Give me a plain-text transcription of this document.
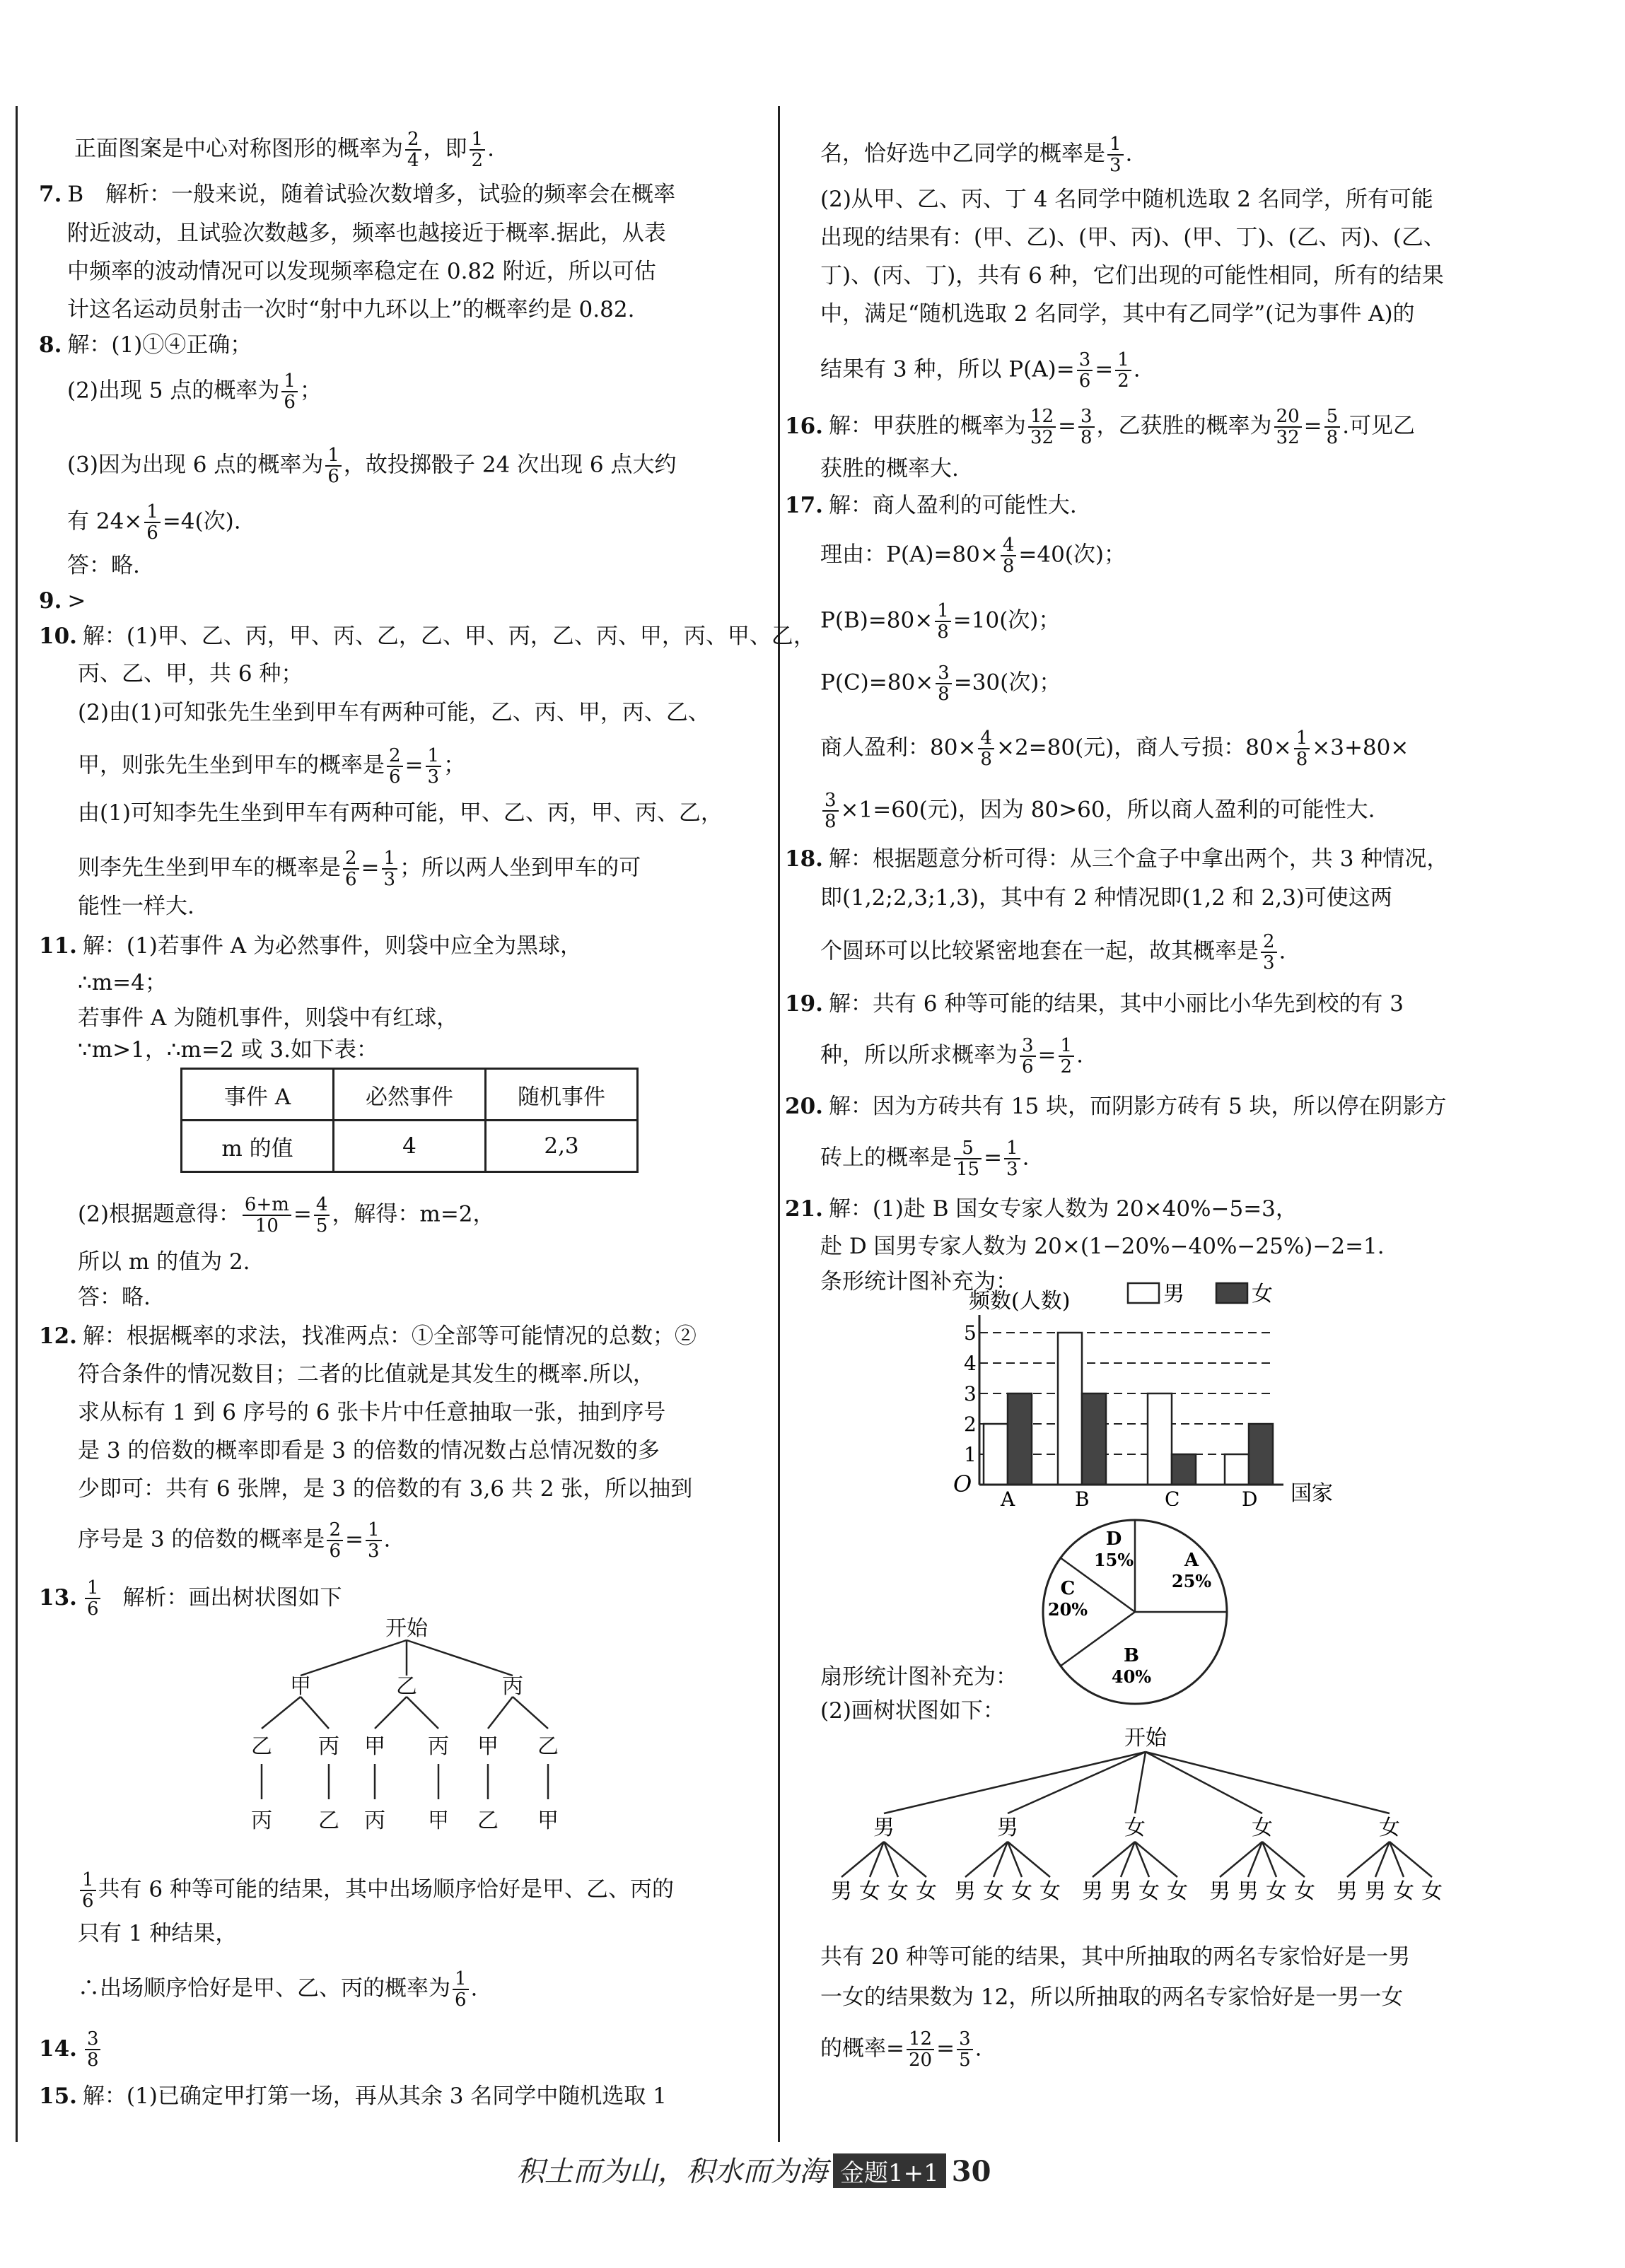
正面图案是中心对称图形的概率为 $\frac{2}{4}$ ，即 $\frac{1}{2}$ .
7. B　解析：一般来说，随着试验次数增多，试验的频率会在概率
附近波动，且试验次数越多，频率也越接近于概率.据此，从表
中频率的波动情况可以发现频率稳定在 0.82 附近，所以可估
计这名运动员射击一次时“射中九环以上”的概率约是 0.82.
8. 解：(1)①④正确；
(2)出现 5 点的概率为 $\frac{1}{6}$ ；
(3)因为出现 6 点的概率为 $\frac{1}{6}$ ，故投掷骰子 24 次出现 6 点大约
有 $24\times \frac{1}{6} =4$(次).
答：略.
9. >
10. 解：(1)甲、乙、丙，甲、丙、乙，乙、甲、丙，乙、丙、甲，丙、甲、乙，
丙、乙、甲，共 6 种；
(2)由(1)可知张先生坐到甲车有两种可能，乙、丙、甲，丙、乙、
甲，则张先生坐到甲车的概率是 $\frac{2}{6} = \frac{1}{3}$ ；
由(1)可知李先生坐到甲车有两种可能，甲、乙、丙，甲、丙、乙，
则李先生坐到甲车的概率是 $\frac{2}{6} = \frac{1}{3}$ ；所以两人坐到甲车的可
能性一样大.
11. 解：(1)若事件 A 为必然事件，则袋中应全为黑球，
∴m=4；
若事件 A 为随机事件，则袋中有红球，
∵m>1，∴m=2 或 3.如下表：
事件 A	必然事件	随机事件
m 的值	4	2,3
(2)根据题意得： $\frac{6+m}{10} = \frac{4}{5}$ ，解得：m=2，
所以 m 的值为 2.
答：略.
12. 解：根据概率的求法，找准两点：①全部等可能情况的总数；②
符合条件的情况数目；二者的比值就是其发生的概率.所以，
求从标有 1 到 6 序号的 6 张卡片中任意抽取一张，抽到序号
是 3 的倍数的概率即看是 3 的倍数的情况数占总情况数的多
少即可：共有 6 张牌，是 3 的倍数的有 3,6 共 2 张，所以抽到
序号是 3 的倍数的概率是 $\frac{2}{6} = \frac{1}{3}$ .
13. $\frac{1}{6}$ 解析：画出树状图如下
开始
甲	乙	丙
乙 丙 甲 丙 甲 乙
丙 乙 丙 甲 乙 甲
$\frac{1}{6}$ 共有 6 种等可能的结果，其中出场顺序恰好是甲、乙、丙的
只有 1 种结果，
∴出场顺序恰好是甲、乙、丙的概率为 $\frac{1}{6}$ .
14. $\frac{3}{8}$
15. 解：(1)已确定甲打第一场，再从其余 3 名同学中随机选取 1
名，恰好选中乙同学的概率是 $\frac{1}{3}$ .
(2)从甲、乙、丙、丁 4 名同学中随机选取 2 名同学，所有可能
出现的结果有：(甲、乙)、(甲、丙)、(甲、丁)、(乙、丙)、(乙、
丁)、(丙、丁)，共有 6 种，它们出现的可能性相同，所有的结果
中，满足“随机选取 2 名同学，其中有乙同学”(记为事件 A)的
结果有 3 种，所以 $P(A)= \frac{3}{6} = \frac{1}{2}$ .
16. 解：甲获胜的概率为 $\frac{12}{32} = \frac{3}{8}$ ，乙获胜的概率为 $\frac{20}{32} = \frac{5}{8}$ .可见乙
获胜的概率大.
17. 解：商人盈利的可能性大.
理由：$P(A)=80\times \frac{4}{8} =40$(次)；
$P(B)=80\times \frac{1}{8} =10$(次)；
$P(C)=80\times \frac{3}{8} =30$(次)；
商人盈利：$80\times \frac{4}{8} \times 2=80$(元)，商人亏损：$80\times \frac{1}{8} \times 3+80\times$
$\frac{3}{8} \times 1=60$(元)，因为 80>60，所以商人盈利的可能性大.
18. 解：根据题意分析可得：从三个盒子中拿出两个，共 3 种情况，
即(1,2;2,3;1,3)，其中有 2 种情况即(1,2 和 2,3)可使这两
个圆环可以比较紧密地套在一起，故其概率是 $\frac{2}{3}$ .
19. 解：共有 6 种等可能的结果，其中小丽比小华先到校的有 3
种，所以所求概率为 $\frac{3}{6} = \frac{1}{2}$ .
20. 解：因为方砖共有 15 块，而阴影方砖有 5 块，所以停在阴影方
砖上的概率是 $\frac{5}{15} = \frac{1}{3}$ .
21. 解：(1)赴 B 国女专家人数为 20×40%−5=3，
赴 D 国男专家人数为 20×(1−20%−40%−25%)−2=1.
条形统计图补充为：	男	女
频数(人数)
国家
O
1
2
3
4
5
A	B	C	D
A
25%
B
40%
C
20%
D
15%
扇形统计图补充为：
(2)画树状图如下：
开始
男
男 女 女 女
男
男 女 女 女
女
男 男 女 女
女
男 男 女 女
女
男 男 女 女
共有 20 种等可能的结果，其中所抽取的两名专家恰好是一男
一女的结果数为 12，所以所抽取的两名专家恰好是一男一女
的概率= $\frac{12}{20} = \frac{3}{5}$ .
积土而为山，积水而为海 金题1+1 30
